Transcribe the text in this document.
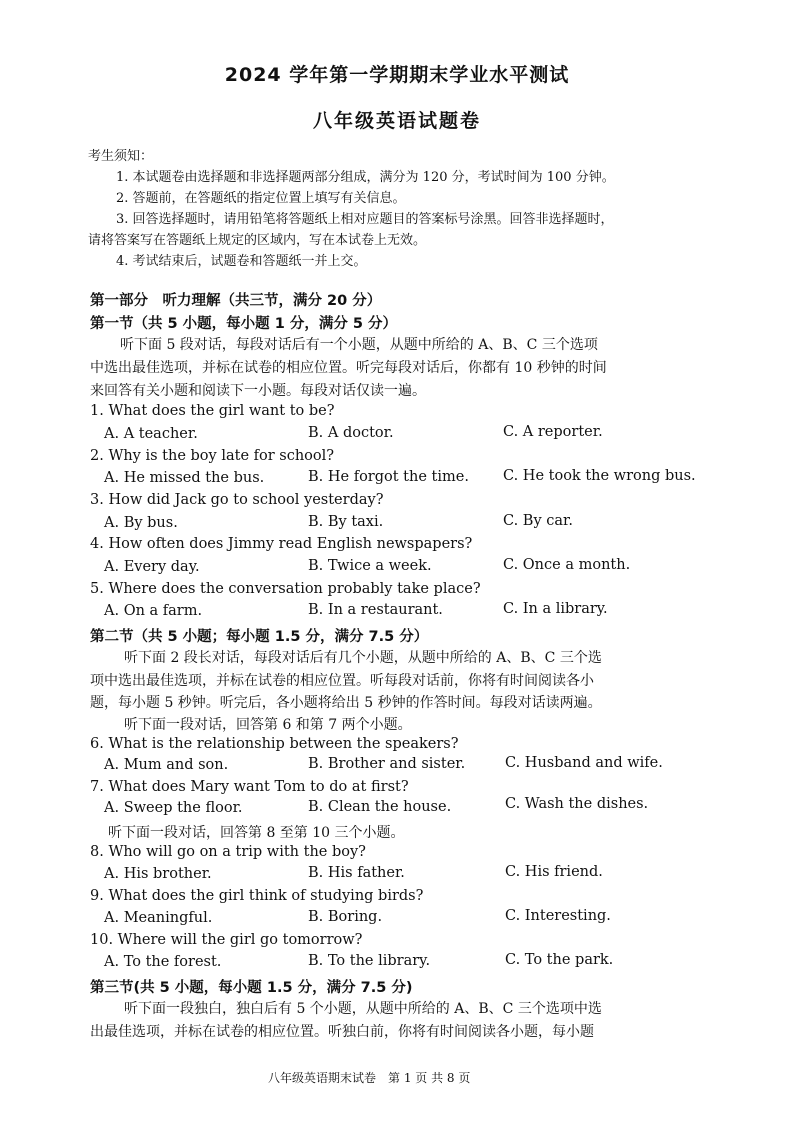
2024 学年第一学期期末学业水平测试
八年级英语试题卷
考生须知：
1. 本试题卷由选择题和非选择题两部分组成，满分为 120 分，考试时间为 100 分钟。
2. 答题前，在答题纸的指定位置上填写有关信息。
3. 回答选择题时，请用铅笔将答题纸上相对应题目的答案标号涂黑。回答非选择题时，
请将答案写在答题纸上规定的区域内，写在本试卷上无效。
4. 考试结束后，试题卷和答题纸一并上交。
第一部分　听力理解（共三节，满分 20 分）
第一节（共 5 小题，每小题 1 分，满分 5 分）
听下面 5 段对话，每段对话后有一个小题，从题中所给的 A、B、C 三个选项
中选出最佳选项，并标在试卷的相应位置。听完每段对话后，你都有 10 秒钟的时间
来回答有关小题和阅读下一小题。每段对话仅读一遍。
1. What does the girl want to be?
A. A teacher.	B. A doctor.	C. A reporter.
2. Why is the boy late for school?
A. He missed the bus.	B. He forgot the time. C. He took the wrong bus.
3. How did Jack go to school yesterday?
A. By bus.	B. By taxi.	C. By car.
4. How often does Jimmy read English newspapers?
A. Every day.	B. Twice a week.	C. Once a month.
5. Where does the conversation probably take place?
A. On a farm.	B. In a restaurant.	C. In a library.
第二节（共 5 小题；每小题 1.5 分，满分 7.5 分）
听下面 2 段长对话，每段对话后有几个小题，从题中所给的 A、B、C 三个选
项中选出最佳选项，并标在试卷的相应位置。听每段对话前，你将有时间阅读各小
题，每小题 5 秒钟。听完后，各小题将给出 5 秒钟的作答时间。每段对话读两遍。
听下面一段对话，回答第 6 和第 7 两个小题。
6. What is the relationship between the speakers?
A. Mum and son.	B. Brother and sister.	C. Husband and wife.
7. What does Mary want Tom to do at first?
A. Sweep the floor.	B. Clean the house.	C. Wash the dishes.
听下面一段对话，回答第 8 至第 10 三个小题。
8. Who will go on a trip with the boy?
A. His brother.	B. His father.	C. His friend.
9. What does the girl think of studying birds?
A. Meaningful.	B. Boring.	C. Interesting.
10. Where will the girl go tomorrow?
A. To the forest.	B. To the library.	C. To the park.
第三节(共 5 小题，每小题 1.5 分，满分 7.5 分)
听下面一段独白，独白后有 5 个小题，从题中所给的 A、B、C 三个选项中选
出最佳选项，并标在试卷的相应位置。听独白前，你将有时间阅读各小题，每小题
八年级英语期末试卷　第 1 页 共 8 页
